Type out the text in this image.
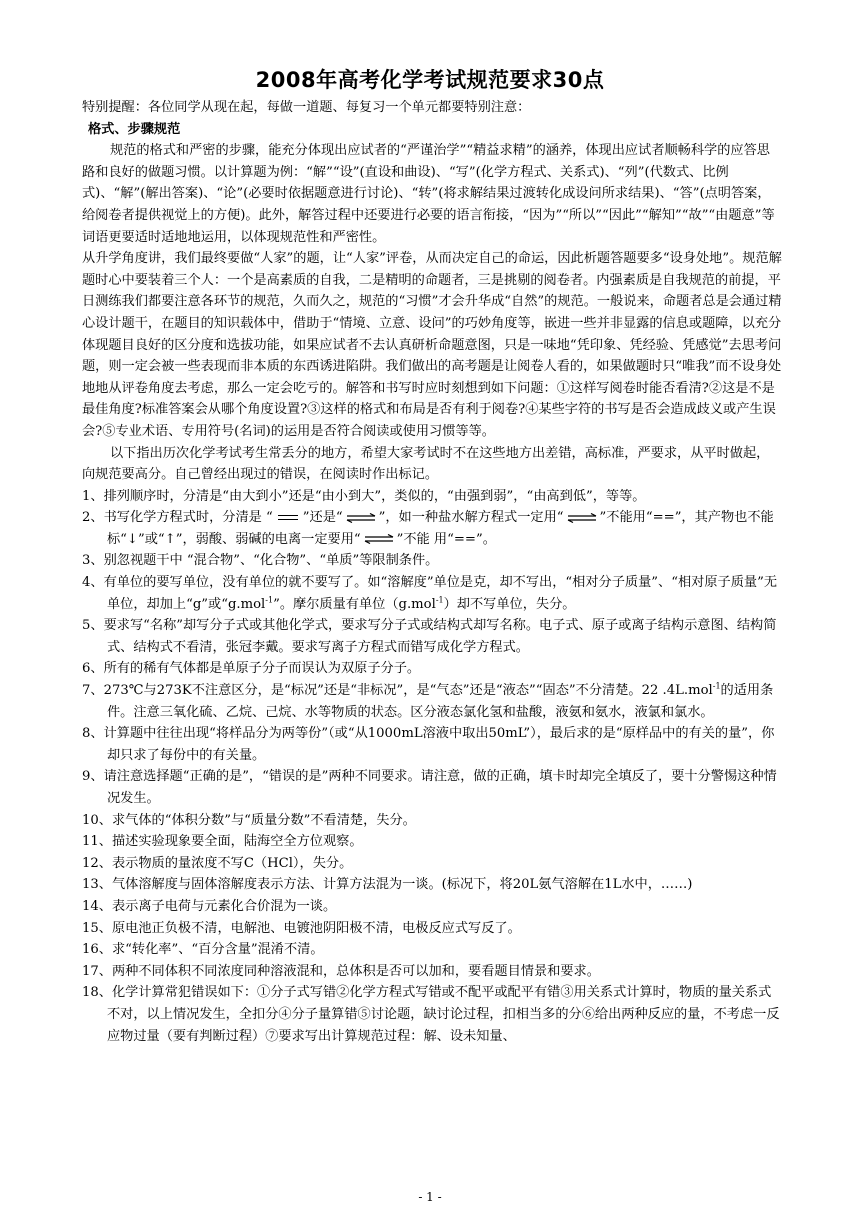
2008年高考化学考试规范要求30点

特别提醒：各位同学从现在起，每做一道题、每复习一个单元都要特别注意：

格式、步骤规范

规范的格式和严密的步骤，能充分体现出应试者的“严谨治学”“精益求精”的涵养，体现出应试者顺畅科学的应答思路和良好的做题习惯。以计算题为例：“解”“设”(直设和曲设)、“写”(化学方程式、关系式)、“列”(代数式、比例式)、“解”(解出答案)、“论”(必要时依据题意进行讨论)、“转”(将求解结果过渡转化成设问所求结果)、“答”(点明答案，给阅卷者提供视觉上的方便)。此外，解答过程中还要进行必要的语言衔接，“因为”“所以”“因此”“解知”“故”“由题意”等词语更要适时适地地运用，以体现规范性和严密性。

从升学角度讲，我们最终要做“人家”的题，让“人家”评卷，从而决定自己的命运，因此析题答题要多“设身处地”。规范解题时心中要装着三个人：一个是高素质的自我，二是精明的命题者，三是挑剔的阅卷者。内强素质是自我规范的前提，平日测练我们都要注意各环节的规范，久而久之，规范的“习惯”才会升华成“自然”的规范。一般说来，命题者总是会通过精心设计题干，在题目的知识载体中，借助于“情境、立意、设问”的巧妙角度等，嵌进一些并非显露的信息或题障，以充分体现题目良好的区分度和选拔功能，如果应试者不去认真研析命题意图，只是一味地“凭印象、凭经验、凭感觉”去思考问题，则一定会被一些表现而非本质的东西诱进陷阱。我们做出的高考题是让阅卷人看的，如果做题时只“唯我”而不设身处地地从评卷角度去考虑，那么一定会吃亏的。解答和书写时应时刻想到如下问题：①这样写阅卷时能否看清?②这是不是最佳角度?标准答案会从哪个角度设置?③这样的格式和布局是否有利于阅卷?④某些字符的书写是否会造成歧义或产生误会?⑤专业术语、专用符号(名词)的运用是否符合阅读或使用习惯等等。

以下指出历次化学考试考生常丢分的地方，希望大家考试时不在这些地方出差错，高标准，严要求，从平时做起，向规范要高分。自己曾经出现过的错误，在阅读时作出标记。

1、排列顺序时，分清是“由大到小”还是“由小到大”，类似的，“由强到弱”，“由高到低”，等等。

2、书写化学方程式时，分清是 “ ”还是“ ⇌ ”，如一种盐水解方程式一定用“ ⇌ ”不能用“==”，其产物也不能标“↓”或“↑”，弱酸、弱碱的电离一定要用“ ⇌ ”不能 用“==”。

3、别忽视题干中 “混合物”、“化合物”、“单质”等限制条件。

4、有单位的要写单位，没有单位的就不要写了。如“溶解度”单位是克，却不写出，“相对分子质量”、“相对原子质量”无单位，却加上“g”或“g.mol$^{-1}$”。摩尔质量有单位（g.mol$^{-1}$）却不写单位，失分。

5、要求写“名称”却写分子式或其他化学式，要求写分子式或结构式却写名称。电子式、原子或离子结构示意图、结构简式、结构式不看清，张冠李戴。要求写离子方程式而错写成化学方程式。

6、所有的稀有气体都是单原子分子而误认为双原子分子。

7、273℃与273K不注意区分，是“标况”还是“非标况”，是“气态”还是“液态”“固态”不分清楚。22 .4L.mol$^{-1}$的适用条件。注意三氧化硫、乙烷、己烷、水等物质的状态。区分液态氯化氢和盐酸，液氨和氨水，液氯和氯水。

8、计算题中往往出现“将样品分为两等份”（或“从1000mL溶液中取出50mL”），最后求的是“原样品中的有关的量”，你却只求了每份中的有关量。

9、请注意选择题“正确的是”，“错误的是”两种不同要求。请注意，做的正确，填卡时却完全填反了，要十分警惕这种情况发生。

10、求气体的“体积分数”与“质量分数”不看清楚，失分。

11、描述实验现象要全面，陆海空全方位观察。

12、表示物质的量浓度不写C（HCl），失分。

13、气体溶解度与固体溶解度表示方法、计算方法混为一谈。(标况下，将20L氨气溶解在1L水中，……)

14、表示离子电荷与元素化合价混为一谈。

15、原电池正负极不清，电解池、电镀池阴阳极不清，电极反应式写反了。

16、求“转化率”、“百分含量”混淆不清。

17、两种不同体积不同浓度同种溶液混和，总体积是否可以加和，要看题目情景和要求。

18、化学计算常犯错误如下：①分子式写错②化学方程式写错或不配平或配平有错③用关系式计算时，物质的量关系式不对，以上情况发生，全扣分④分子量算错⑤讨论题，缺讨论过程，扣相当多的分⑥给出两种反应的量，不考虑一反应物过量（要有判断过程）⑦要求写出计算规范过程：解、设未知量、

- 1 -
